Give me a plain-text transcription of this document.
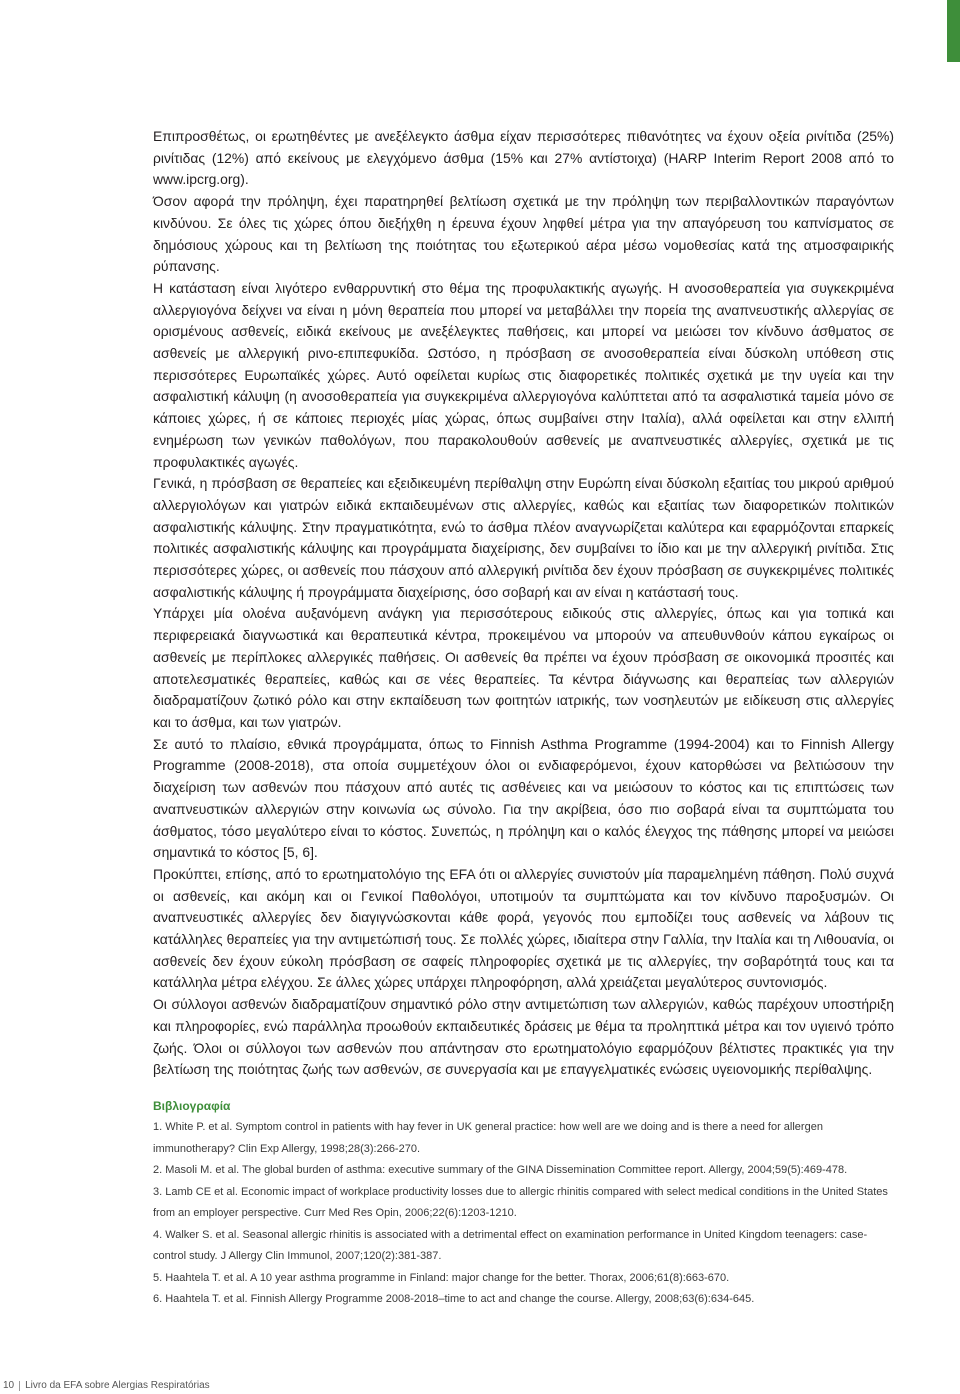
Επιπροσθέτως, οι ερωτηθέντες με ανεξέλεγκτο άσθμα είχαν περισσότερες πιθανότητες να έχουν οξεία ρινίτιδα (25%) ρινίτιδας (12%) από εκείνους με ελεγχόμενο άσθμα (15% και 27% αντίστοιχα) (HARP Interim Report 2008 από το www.ipcrg.org).

Όσον αφορά την πρόληψη, έχει παρατηρηθεί βελτίωση σχετικά με την πρόληψη των περιβαλλοντικών παραγόντων κινδύνου. Σε όλες τις χώρες όπου διεξήχθη η έρευνα έχουν ληφθεί μέτρα για την απαγόρευση του καπνίσματος σε δημόσιους χώρους και τη βελτίωση της ποιότητας του εξωτερικού αέρα μέσω νομοθεσίας κατά της ατμοσφαιρικής ρύπανσης.

Η κατάσταση είναι λιγότερο ενθαρρυντική στο θέμα της προφυλακτικής αγωγής. Η ανοσοθεραπεία για συγκεκριμένα αλλεργιογόνα δείχνει να είναι η μόνη θεραπεία που μπορεί να μεταβάλλει την πορεία της αναπνευστικής αλλεργίας σε ορισμένους ασθενείς, ειδικά εκείνους με ανεξέλεγκτες παθήσεις, και μπορεί να μειώσει τον κίνδυνο άσθματος σε ασθενείς με αλλεργική ρινο-επιπεφυκίδα. Ωστόσο, η πρόσβαση σε ανοσοθεραπεία είναι δύσκολη υπόθεση στις περισσότερες Ευρωπαϊκές χώρες. Αυτό οφείλεται κυρίως στις διαφορετικές πολιτικές σχετικά με την υγεία και την ασφαλιστική κάλυψη (η ανοσοθεραπεία για συγκεκριμένα αλλεργιογόνα καλύπτεται από τα ασφαλιστικά ταμεία μόνο σε κάποιες χώρες, ή σε κάποιες περιοχές μίας χώρας, όπως συμβαίνει στην Ιταλία), αλλά οφείλεται και στην ελλιπή ενημέρωση των γενικών παθολόγων, που παρακολουθούν ασθενείς με αναπνευστικές αλλεργίες, σχετικά με τις προφυλακτικές αγωγές.

Γενικά, η πρόσβαση σε θεραπείες και εξειδικευμένη περίθαλψη στην Ευρώπη είναι δύσκολη εξαιτίας του μικρού αριθμού αλλεργιολόγων και γιατρών ειδικά εκπαιδευμένων στις αλλεργίες, καθώς και εξαιτίας των διαφορετικών πολιτικών ασφαλιστικής κάλυψης. Στην πραγματικότητα, ενώ το άσθμα πλέον αναγνωρίζεται καλύτερα και εφαρμόζονται επαρκείς πολιτικές ασφαλιστικής κάλυψης και προγράμματα διαχείρισης, δεν συμβαίνει το ίδιο και με την αλλεργική ρινίτιδα. Στις περισσότερες χώρες, οι ασθενείς που πάσχουν από αλλεργική ρινίτιδα δεν έχουν πρόσβαση σε συγκεκριμένες πολιτικές ασφαλιστικής κάλυψης ή προγράμματα διαχείρισης, όσο σοβαρή και αν είναι η κατάστασή τους.

Υπάρχει μία ολοένα αυξανόμενη ανάγκη για περισσότερους ειδικούς στις αλλεργίες, όπως και για τοπικά και περιφερειακά διαγνωστικά και θεραπευτικά κέντρα, προκειμένου να μπορούν να απευθυνθούν κάπου εγκαίρως οι ασθενείς με περίπλοκες αλλεργικές παθήσεις. Οι ασθενείς θα πρέπει να έχουν πρόσβαση σε οικονομικά προσιτές και αποτελεσματικές θεραπείες, καθώς και σε νέες θεραπείες. Τα κέντρα διάγνωσης και θεραπείας των αλλεργιών διαδραματίζουν ζωτικό ρόλο και στην εκπαίδευση των φοιτητών ιατρικής, των νοσηλευτών με ειδίκευση στις αλλεργίες και το άσθμα, και των γιατρών.

Σε αυτό το πλαίσιο, εθνικά προγράμματα, όπως το Finnish Asthma Programme (1994-2004) και το Finnish Allergy Programme (2008-2018), στα οποία συμμετέχουν όλοι οι ενδιαφερόμενοι, έχουν κατορθώσει να βελτιώσουν την διαχείριση των ασθενών που πάσχουν από αυτές τις ασθένειες και να μειώσουν το κόστος και τις επιπτώσεις των αναπνευστικών αλλεργιών στην κοινωνία ως σύνολο. Για την ακρίβεια, όσο πιο σοβαρά είναι τα συμπτώματα του άσθματος, τόσο μεγαλύτερο είναι το κόστος. Συνεπώς, η πρόληψη και ο καλός έλεγχος της πάθησης μπορεί να μειώσει σημαντικά το κόστος [5, 6].

Προκύπτει, επίσης, από το ερωτηματολόγιο της EFA ότι οι αλλεργίες συνιστούν μία παραμελημένη πάθηση. Πολύ συχνά οι ασθενείς, και ακόμη και οι Γενικοί Παθολόγοι, υποτιμούν τα συμπτώματα και τον κίνδυνο παροξυσμών. Οι αναπνευστικές αλλεργίες δεν διαγιγνώσκονται κάθε φορά, γεγονός που εμποδίζει τους ασθενείς να λάβουν τις κατάλληλες θεραπείες για την αντιμετώπισή τους. Σε πολλές χώρες, ιδιαίτερα στην Γαλλία, την Ιταλία και τη Λιθουανία, οι ασθενείς δεν έχουν εύκολη πρόσβαση σε σαφείς πληροφορίες σχετικά με τις αλλεργίες, την σοβαρότητά τους και τα κατάλληλα μέτρα ελέγχου. Σε άλλες χώρες υπάρχει πληροφόρηση, αλλά χρειάζεται μεγαλύτερος συντονισμός.

Οι σύλλογοι ασθενών διαδραματίζουν σημαντικό ρόλο στην αντιμετώπιση των αλλεργιών, καθώς παρέχουν υποστήριξη και πληροφορίες, ενώ παράλληλα προωθούν εκπαιδευτικές δράσεις με θέμα τα προληπτικά μέτρα και τον υγιεινό τρόπο ζωής. Όλοι οι σύλλογοι των ασθενών που απάντησαν στο ερωτηματολόγιο εφαρμόζουν βέλτιστες πρακτικές για την βελτίωση της ποιότητας ζωής των ασθενών, σε συνεργασία και με επαγγελματικές ενώσεις υγειονομικής περίθαλψης.

Βιβλιογραφία
1. White P. et al. Symptom control in patients with hay fever in UK general practice: how well are we doing and is there a need for allergen immunotherapy? Clin Exp Allergy, 1998;28(3):266-270.
2. Masoli M. et al. The global burden of asthma: executive summary of the GINA Dissemination Committee report. Allergy, 2004;59(5):469-478.
3. Lamb CE et al. Economic impact of workplace productivity losses due to allergic rhinitis compared with select medical conditions in the United States from an employer perspective. Curr Med Res Opin, 2006;22(6):1203-1210.
4. Walker S. et al. Seasonal allergic rhinitis is associated with a detrimental effect on examination performance in United Kingdom teenagers: case-control study. J Allergy Clin Immunol, 2007;120(2):381-387.
5. Haahtela T. et al. A 10 year asthma programme in Finland: major change for the better. Thorax, 2006;61(8):663-670.
6. Haahtela T. et al. Finnish Allergy Programme 2008-2018–time to act and change the course. Allergy, 2008;63(6):634-645.
10 Livro da EFA sobre Alergias Respiratórias
